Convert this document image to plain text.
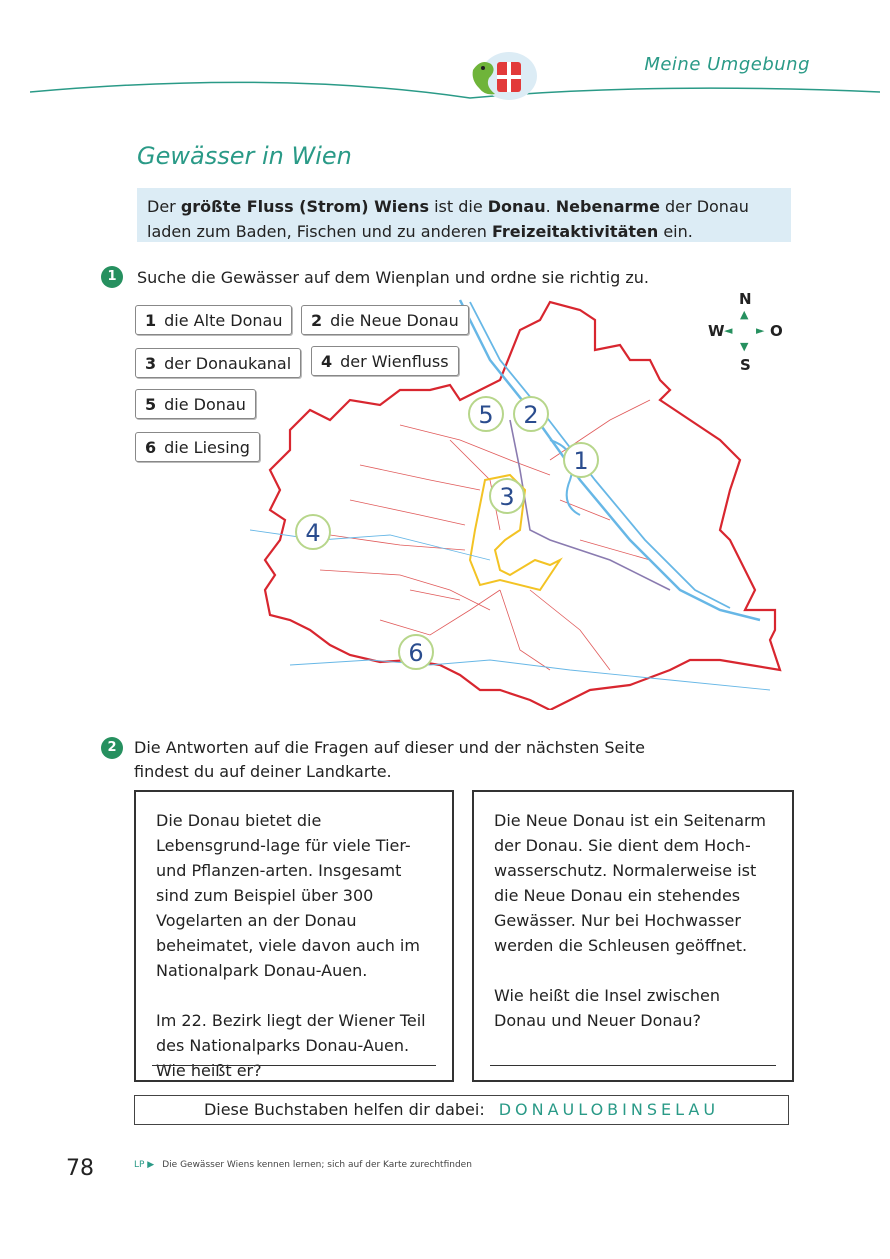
Meine Umgebung
Gewässer in Wien
Der größte Fluss (Strom) Wiens ist die Donau. Nebenarme der Donau laden zum Baden, Fischen und zu anderen Freizeitaktivitäten ein.
1	Suche die Gewässer auf dem Wienplan und ordne sie richtig zu.
5	2
1
3
4
6
1 die Alte Donau	2 die Neue Donau
3 der Donaukanal	4 der Wienfluss
5 die Donau
6 die Liesing
N
▲
W ◄ ► O
▼
S
2	Die Antworten auf die Fragen auf dieser und der nächsten Seite
findest du auf deiner Landkarte.

Die Donau bietet die Lebensgrund-lage für viele Tier- und Pflanzen-arten. Insgesamt sind zum Beispiel über 300 Vogelarten an der Donau beheimatet, viele davon auch im Nationalpark Donau-Auen.

Im 22. Bezirk liegt der Wiener Teil des Nationalparks Donau-Auen. Wie heißt er?

Die Neue Donau ist ein Seitenarm der Donau. Sie dient dem Hoch-wasserschutz. Normalerweise ist die Neue Donau ein stehendes Gewässer. Nur bei Hochwasser werden die Schleusen geöffnet.

Wie heißt die Insel zwischen Donau und Neuer Donau?

Diese Buchstaben helfen dir dabei: DONAULOBINSELAU
78	LP ▶ Die Gewässer Wiens kennen lernen; sich auf der Karte zurechtfinden
